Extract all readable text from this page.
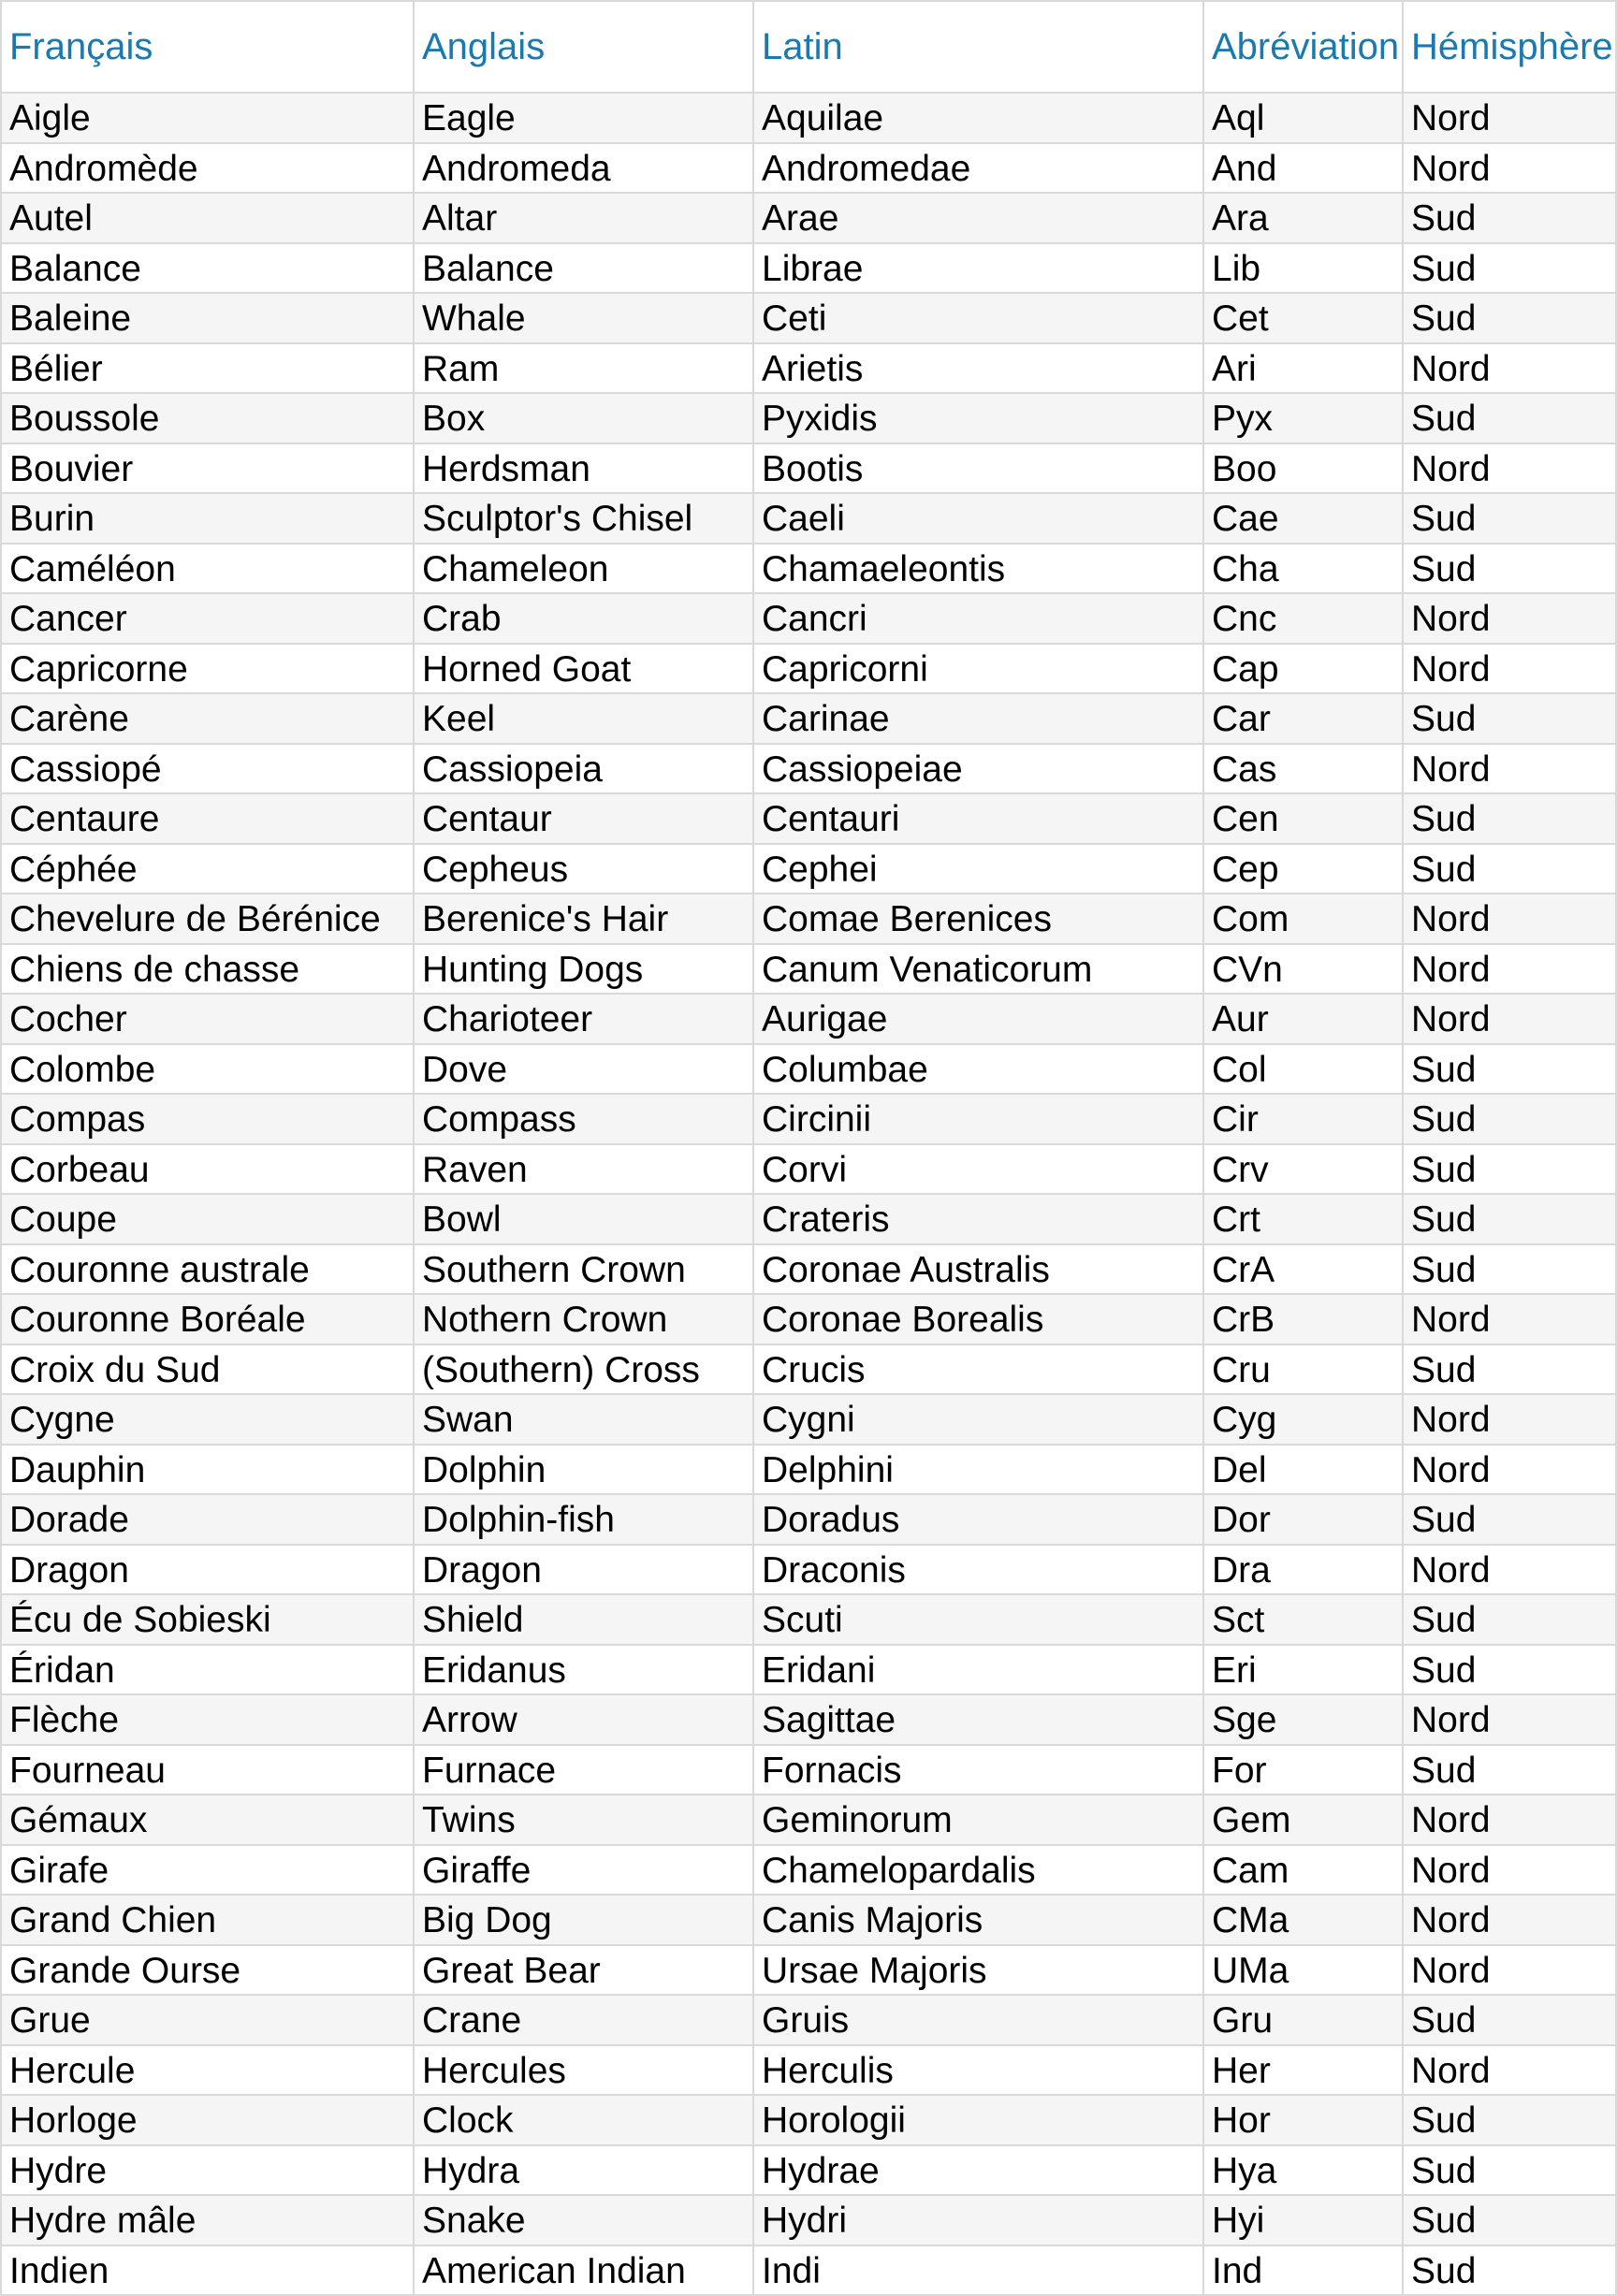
Français	Anglais	Latin	Abréviation	Hémisphère
Aigle	Eagle	Aquilae	Aql	Nord
Andromède	Andromeda	Andromedae	And	Nord
Autel	Altar	Arae	Ara	Sud
Balance	Balance	Librae	Lib	Sud
Baleine	Whale	Ceti	Cet	Sud
Bélier	Ram	Arietis	Ari	Nord
Boussole	Box	Pyxidis	Pyx	Sud
Bouvier	Herdsman	Bootis	Boo	Nord
Burin	Sculptor's Chisel	Caeli	Cae	Sud
Caméléon	Chameleon	Chamaeleontis	Cha	Sud
Cancer	Crab	Cancri	Cnc	Nord
Capricorne	Horned Goat	Capricorni	Cap	Nord
Carène	Keel	Carinae	Car	Sud
Cassiopé	Cassiopeia	Cassiopeiae	Cas	Nord
Centaure	Centaur	Centauri	Cen	Sud
Céphée	Cepheus	Cephei	Cep	Sud
Chevelure de Bérénice	Berenice's Hair	Comae Berenices	Com	Nord
Chiens de chasse	Hunting Dogs	Canum Venaticorum	CVn	Nord
Cocher	Charioteer	Aurigae	Aur	Nord
Colombe	Dove	Columbae	Col	Sud
Compas	Compass	Circinii	Cir	Sud
Corbeau	Raven	Corvi	Crv	Sud
Coupe	Bowl	Crateris	Crt	Sud
Couronne australe	Southern Crown	Coronae Australis	CrA	Sud
Couronne Boréale	Nothern Crown	Coronae Borealis	CrB	Nord
Croix du Sud	(Southern) Cross	Crucis	Cru	Sud
Cygne	Swan	Cygni	Cyg	Nord
Dauphin	Dolphin	Delphini	Del	Nord
Dorade	Dolphin-fish	Doradus	Dor	Sud
Dragon	Dragon	Draconis	Dra	Nord
Écu de Sobieski	Shield	Scuti	Sct	Sud
Éridan	Eridanus	Eridani	Eri	Sud
Flèche	Arrow	Sagittae	Sge	Nord
Fourneau	Furnace	Fornacis	For	Sud
Gémaux	Twins	Geminorum	Gem	Nord
Girafe	Giraffe	Chamelopardalis	Cam	Nord
Grand Chien	Big Dog	Canis Majoris	CMa	Nord
Grande Ourse	Great Bear	Ursae Majoris	UMa	Nord
Grue	Crane	Gruis	Gru	Sud
Hercule	Hercules	Herculis	Her	Nord
Horloge	Clock	Horologii	Hor	Sud
Hydre	Hydra	Hydrae	Hya	Sud
Hydre mâle	Snake	Hydri	Hyi	Sud
Indien	American Indian	Indi	Ind	Sud
